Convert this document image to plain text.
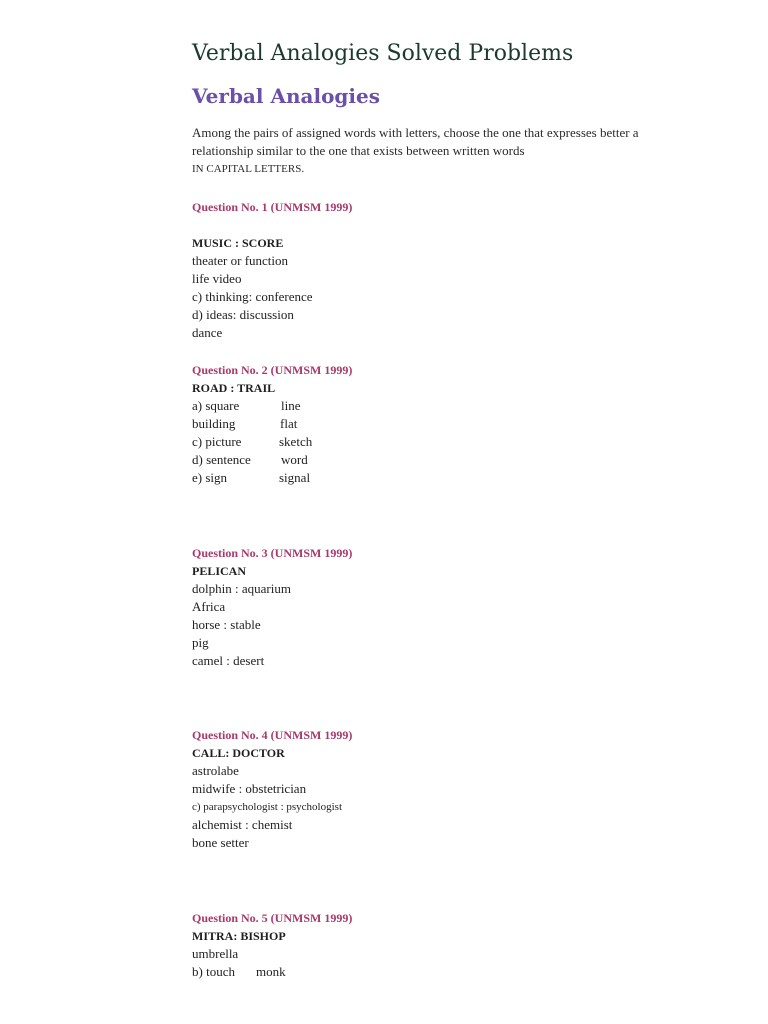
Verbal Analogies Solved Problems
Verbal Analogies

Among the pairs of assigned words with letters, choose the one that expresses better a relationship similar to the one that exists between written words
IN CAPITAL LETTERS.

Question No. 1 (UNMSM 1999)
MUSIC : SCORE
theater or function
life video
c) thinking: conference
d) ideas: discussion
dance
Question No. 2 (UNMSM 1999)
ROAD : TRAIL
a) square	line
building	flat
c) picture	sketch
d) sentence word
e) sign	signal
Question No. 3 (UNMSM 1999)
PELICAN
dolphin : aquarium
Africa
horse : stable
pig
camel : desert
Question No. 4 (UNMSM 1999)
CALL: DOCTOR
astrolabe
midwife : obstetrician
c) parapsychologist : psychologist
alchemist : chemist
bone setter
Question No. 5 (UNMSM 1999)
MITRA: BISHOP
umbrella
b) touch monk
